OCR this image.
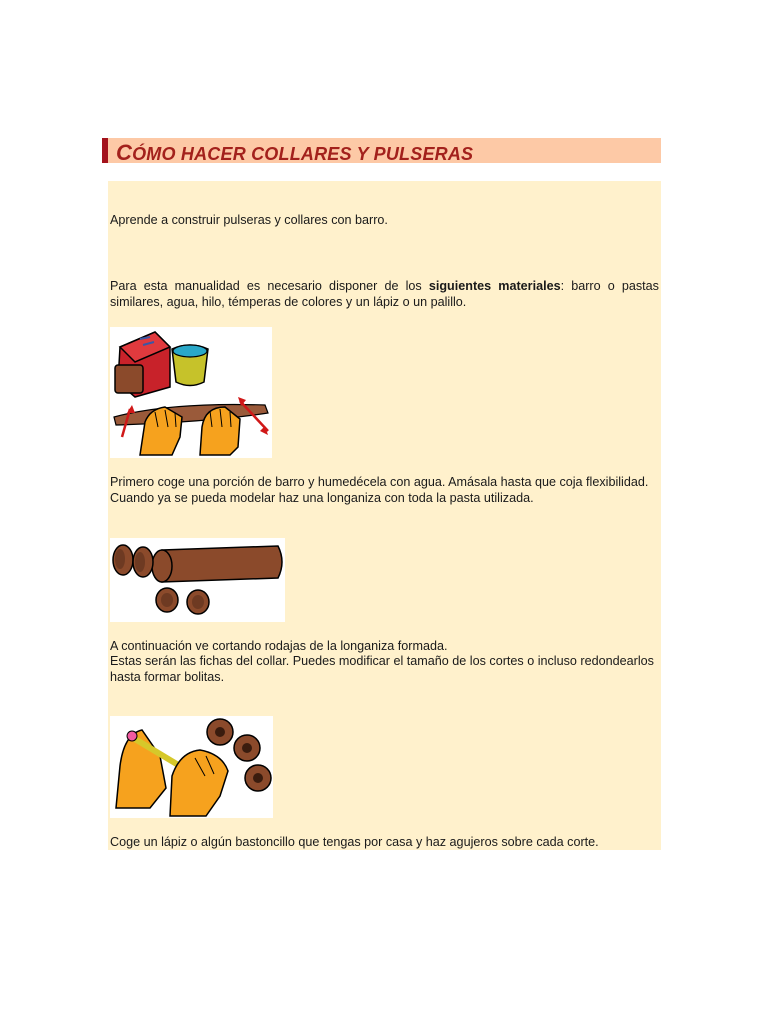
CÓMO HACER COLLARES Y PULSERAS

Aprende a construir pulseras y collares con barro.

Para esta manualidad es necesario disponer de los siguientes materiales: barro o pastas similares, agua, hilo, témperas de colores y un lápiz o un palillo.

Primero coge una porción de barro y humedécela con agua. Amásala hasta que coja flexibilidad. Cuando ya se pueda modelar haz una longaniza con toda la pasta utilizada.

A continuación ve cortando rodajas de la longaniza formada.

Estas serán las fichas del collar. Puedes modificar el tamaño de los cortes o incluso redondearlos hasta formar bolitas.

Coge un lápiz o algún bastoncillo que tengas por casa y haz agujeros sobre cada corte.
